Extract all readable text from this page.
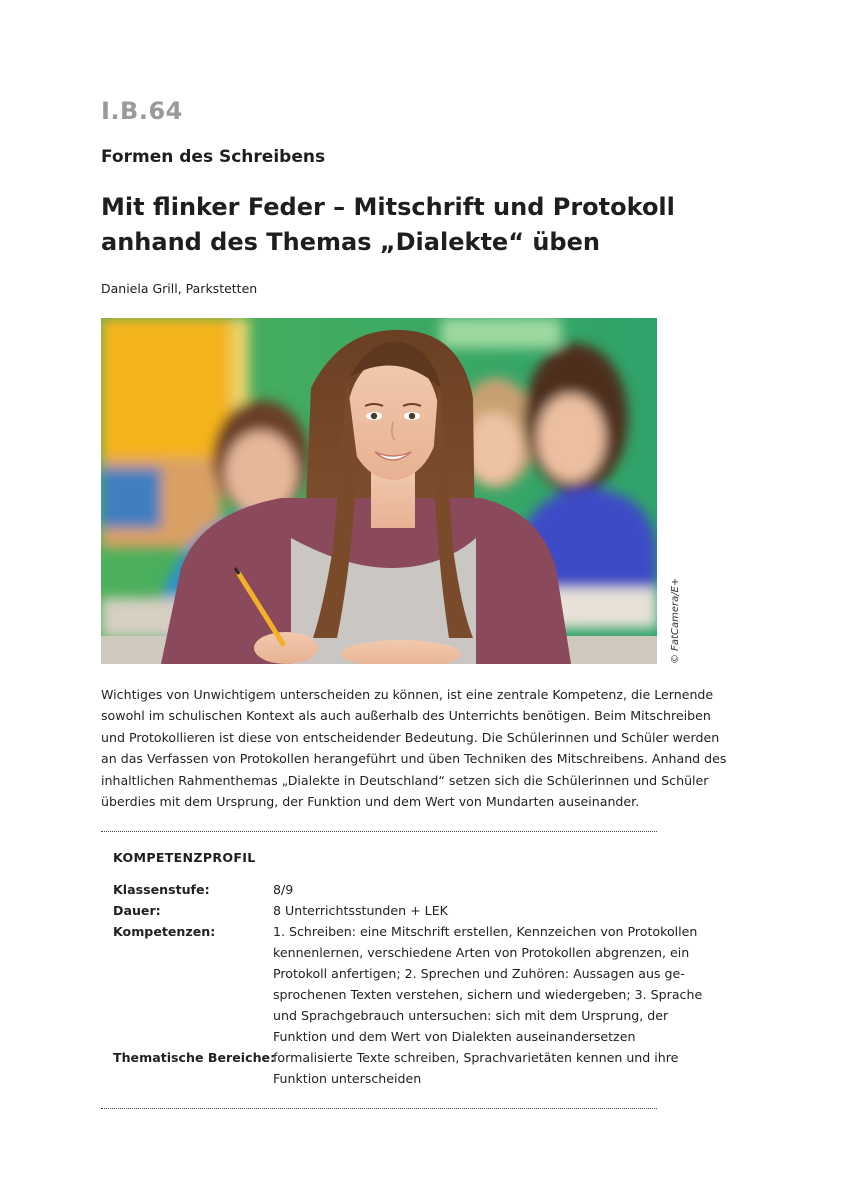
I.B.64
Formen des Schreibens
Mit flinker Feder – Mitschrift und Protokoll
anhand des Themas „Dialekte“ üben
Daniela Grill, Parkstetten
© FatCamera/E+

Wichtiges von Unwichtigem unterscheiden zu können, ist eine zentrale Kompetenz, die Lernende
sowohl im schulischen Kontext als auch außerhalb des Unterrichts benötigen. Beim Mitschreiben
und Protokollieren ist diese von entscheidender Bedeutung. Die Schülerinnen und Schüler werden
an das Verfassen von Protokollen herangeführt und üben Techniken des Mitschreibens. Anhand des
inhaltlichen Rahmenthemas „Dialekte in Deutschland“ setzen sich die Schülerinnen und Schüler
überdies mit dem Ursprung, der Funktion und dem Wert von Mundarten auseinander.

KOMPETENZPROFIL
Klassenstufe:	8/9
Dauer:	8 Unterrichtsstunden + LEK
Kompetenzen:	1. Schreiben: eine Mitschrift erstellen, Kennzeichen von Protokollen
kennenlernen, verschiedene Arten von Protokollen abgrenzen, ein
Protokoll anfertigen; 2. Sprechen und Zuhören: Aussagen aus ge-
sprochenen Texten verstehen, sichern und wiedergeben; 3. Sprache
und Sprachgebrauch untersuchen: sich mit dem Ursprung, der
Funktion und dem Wert von Dialekten auseinandersetzen
Thematische Bereiche:
formalisierte Texte schreiben, Sprachvarietäten kennen und ihre
Funktion unterscheiden
